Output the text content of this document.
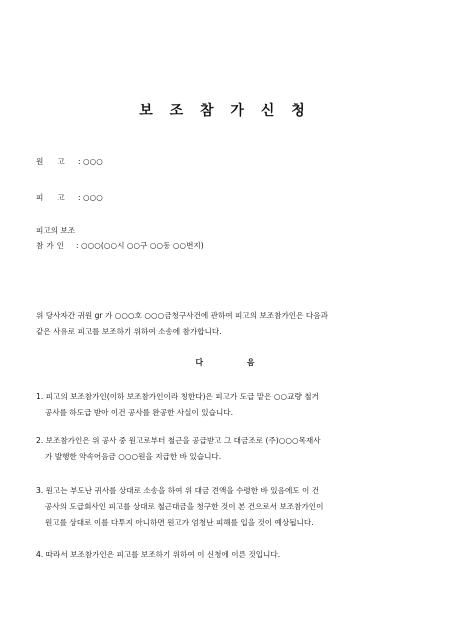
보 조 참 가 신 청
원고: ○○○
피고: ○○○
피고의 보조
참가인 : ○○○(○○시 ○○구 ○○동 ○○번지)

위 당사자간 귀원 gr 가 ○○○호 ○○○금청구사건에 관하여 피고의 보조참가인은 다음과

같은 사유로 피고를 보조하기 위하여 소송에 참가합니다.

다	음

1. 피고의 보조참가인(이하 보조참가인이라 칭한다)은 피고가 도급 맡은 ○○교량 철거

공사를 하도급 받아 이건 공사를 완공한 사실이 있습니다.

2. 보조참가인은 위 공사 중 원고로부터 철근을 공급받고 그 대금조로 (주)○○○목재사

가 발행한 약속어음금 ○○○원을 지급한 바 있습니다.

3. 원고는 부도난 귀사를 상대로 소송을 하여 위 대금 견액을 수령한 바 있음에도 이 건

공사의 도급회사인 피고를 상대로 철근대금을 청구한 것이 본 건으로서 보조참가인이

원고를 상대로 이를 다투지 아니하면 원고가 엄청난 피해를 입을 것이 예상됩니다.

4. 따라서 보조참가인은 피고를 보조하기 위하여 이 신청에 이른 것입니다.
